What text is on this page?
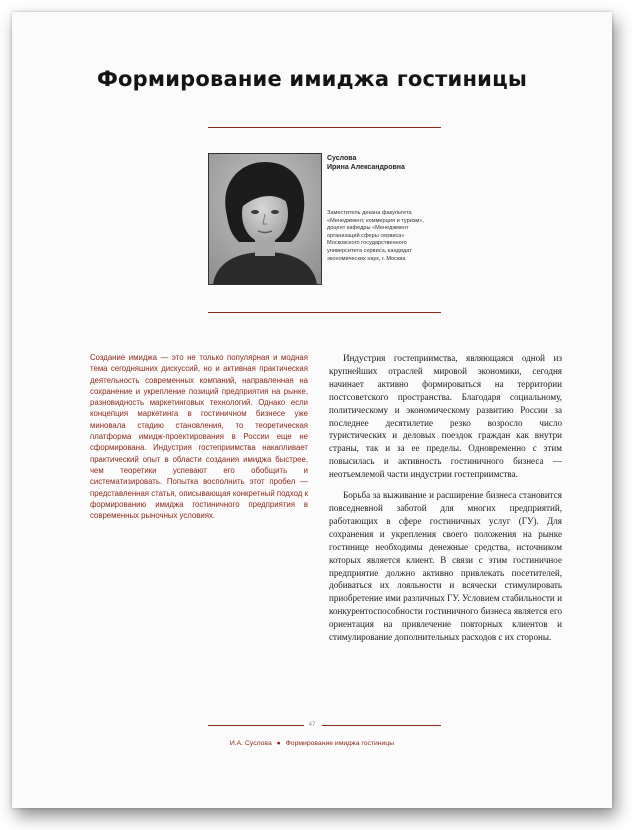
Формирование имиджа гостиницы
Суслова
Ирина Александровна
Заместитель декана факультета «Менеджмент, коммерция и туризм», доцент кафедры «Менеджмент организаций сферы сервиса» Московского государственного университета сервиса, кандидат экономических наук, г. Москва

Создание имиджа — это не только популярная и модная тема сегодняшних дискуссий, но и активная практическая деятельность современных компаний, направленная на сохранение и укрепление позиций предприятия на рынке, разновидность маркетинговых технологий. Однако если концепция маркетинга в гостиничном бизнесе уже миновала стадию становления, то теоретическая платформа имидж-проектирования в России еще не сформирована. Индустрия гостеприимства накапливает практический опыт в области создания имиджа быстрее, чем теоретики успевают его обобщить и систематизировать. Попытка восполнить этот пробел — представленная статья, описывающая конкретный подход к формированию имиджа гостиничного предприятия в современных рыночных условиях.

Индустрия гостеприимства, являющаяся одной из крупнейших отраслей мировой экономики, сегодня начинает активно формироваться на территории постсоветского пространства. Благодаря социальному, политическому и экономическому развитию России за последнее десятилетие резко возросло число туристических и деловых поездок граждан как внутри страны, так и за ее пределы. Одновременно с этим повысилась и активность гостиничного бизнеса — неотъемлемой части индустрии гостеприимства.

Борьба за выживание и расширение бизнеса становится повседневной заботой для многих предприятий, работающих в сфере гостиничных услуг (ГУ). Для сохранения и укрепления своего положения на рынке гостинице необходимы денежные средства, источником которых является клиент. В связи с этим гостиничное предприятие должно активно привлекать посетителей, добиваться их лояльности и всячески стимулировать приобретение ими различных ГУ. Условием стабильности и конкурентоспособности гостиничного бизнеса является его ориентация на привлечение повторных клиентов и стимулирование дополнительных расходов с их стороны.

47
И.А. Суслова ● Формирование имиджа гостиницы
